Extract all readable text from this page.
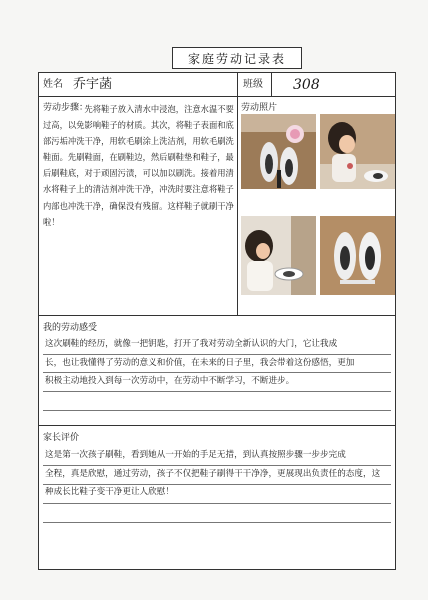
家庭劳动记录表
姓名 乔宇菡	班级 308
劳动步骤：
先将鞋子放入清水中浸泡，注意水温不要过高，以免影响鞋子的材质。其次，将鞋子表面和底部污垢冲洗干净，用软毛刷涂上洗洁剂，用软毛刷洗鞋面。先刷鞋面，在刷鞋边，然后刷鞋垫和鞋子，最后刷鞋底，对于顽固污渍，可以加以刷洗。接着用清水将鞋子上的清洁剂冲洗干净，冲洗时要注意将鞋子内部也冲洗干净，确保没有残留。这样鞋子就刷干净啦！
劳动照片
我的劳动感受
这次刷鞋的经历，就像一把钥匙，打开了我对劳动全新认识的大门，它让我成
长，也让我懂得了劳动的意义和价值，在未来的日子里，我会带着这份感悟，更加
积极主动地投入到每一次劳动中，在劳动中不断学习，不断进步。
家长评价
这是第一次孩子刷鞋，看到她从一开始的手足无措，到认真按照步骤一步步完成
全程，真是欣慰，通过劳动，孩子不仅把鞋子刷得干干净净，更展现出负责任的态度，这
种成长比鞋子变干净更让人欣慰！
